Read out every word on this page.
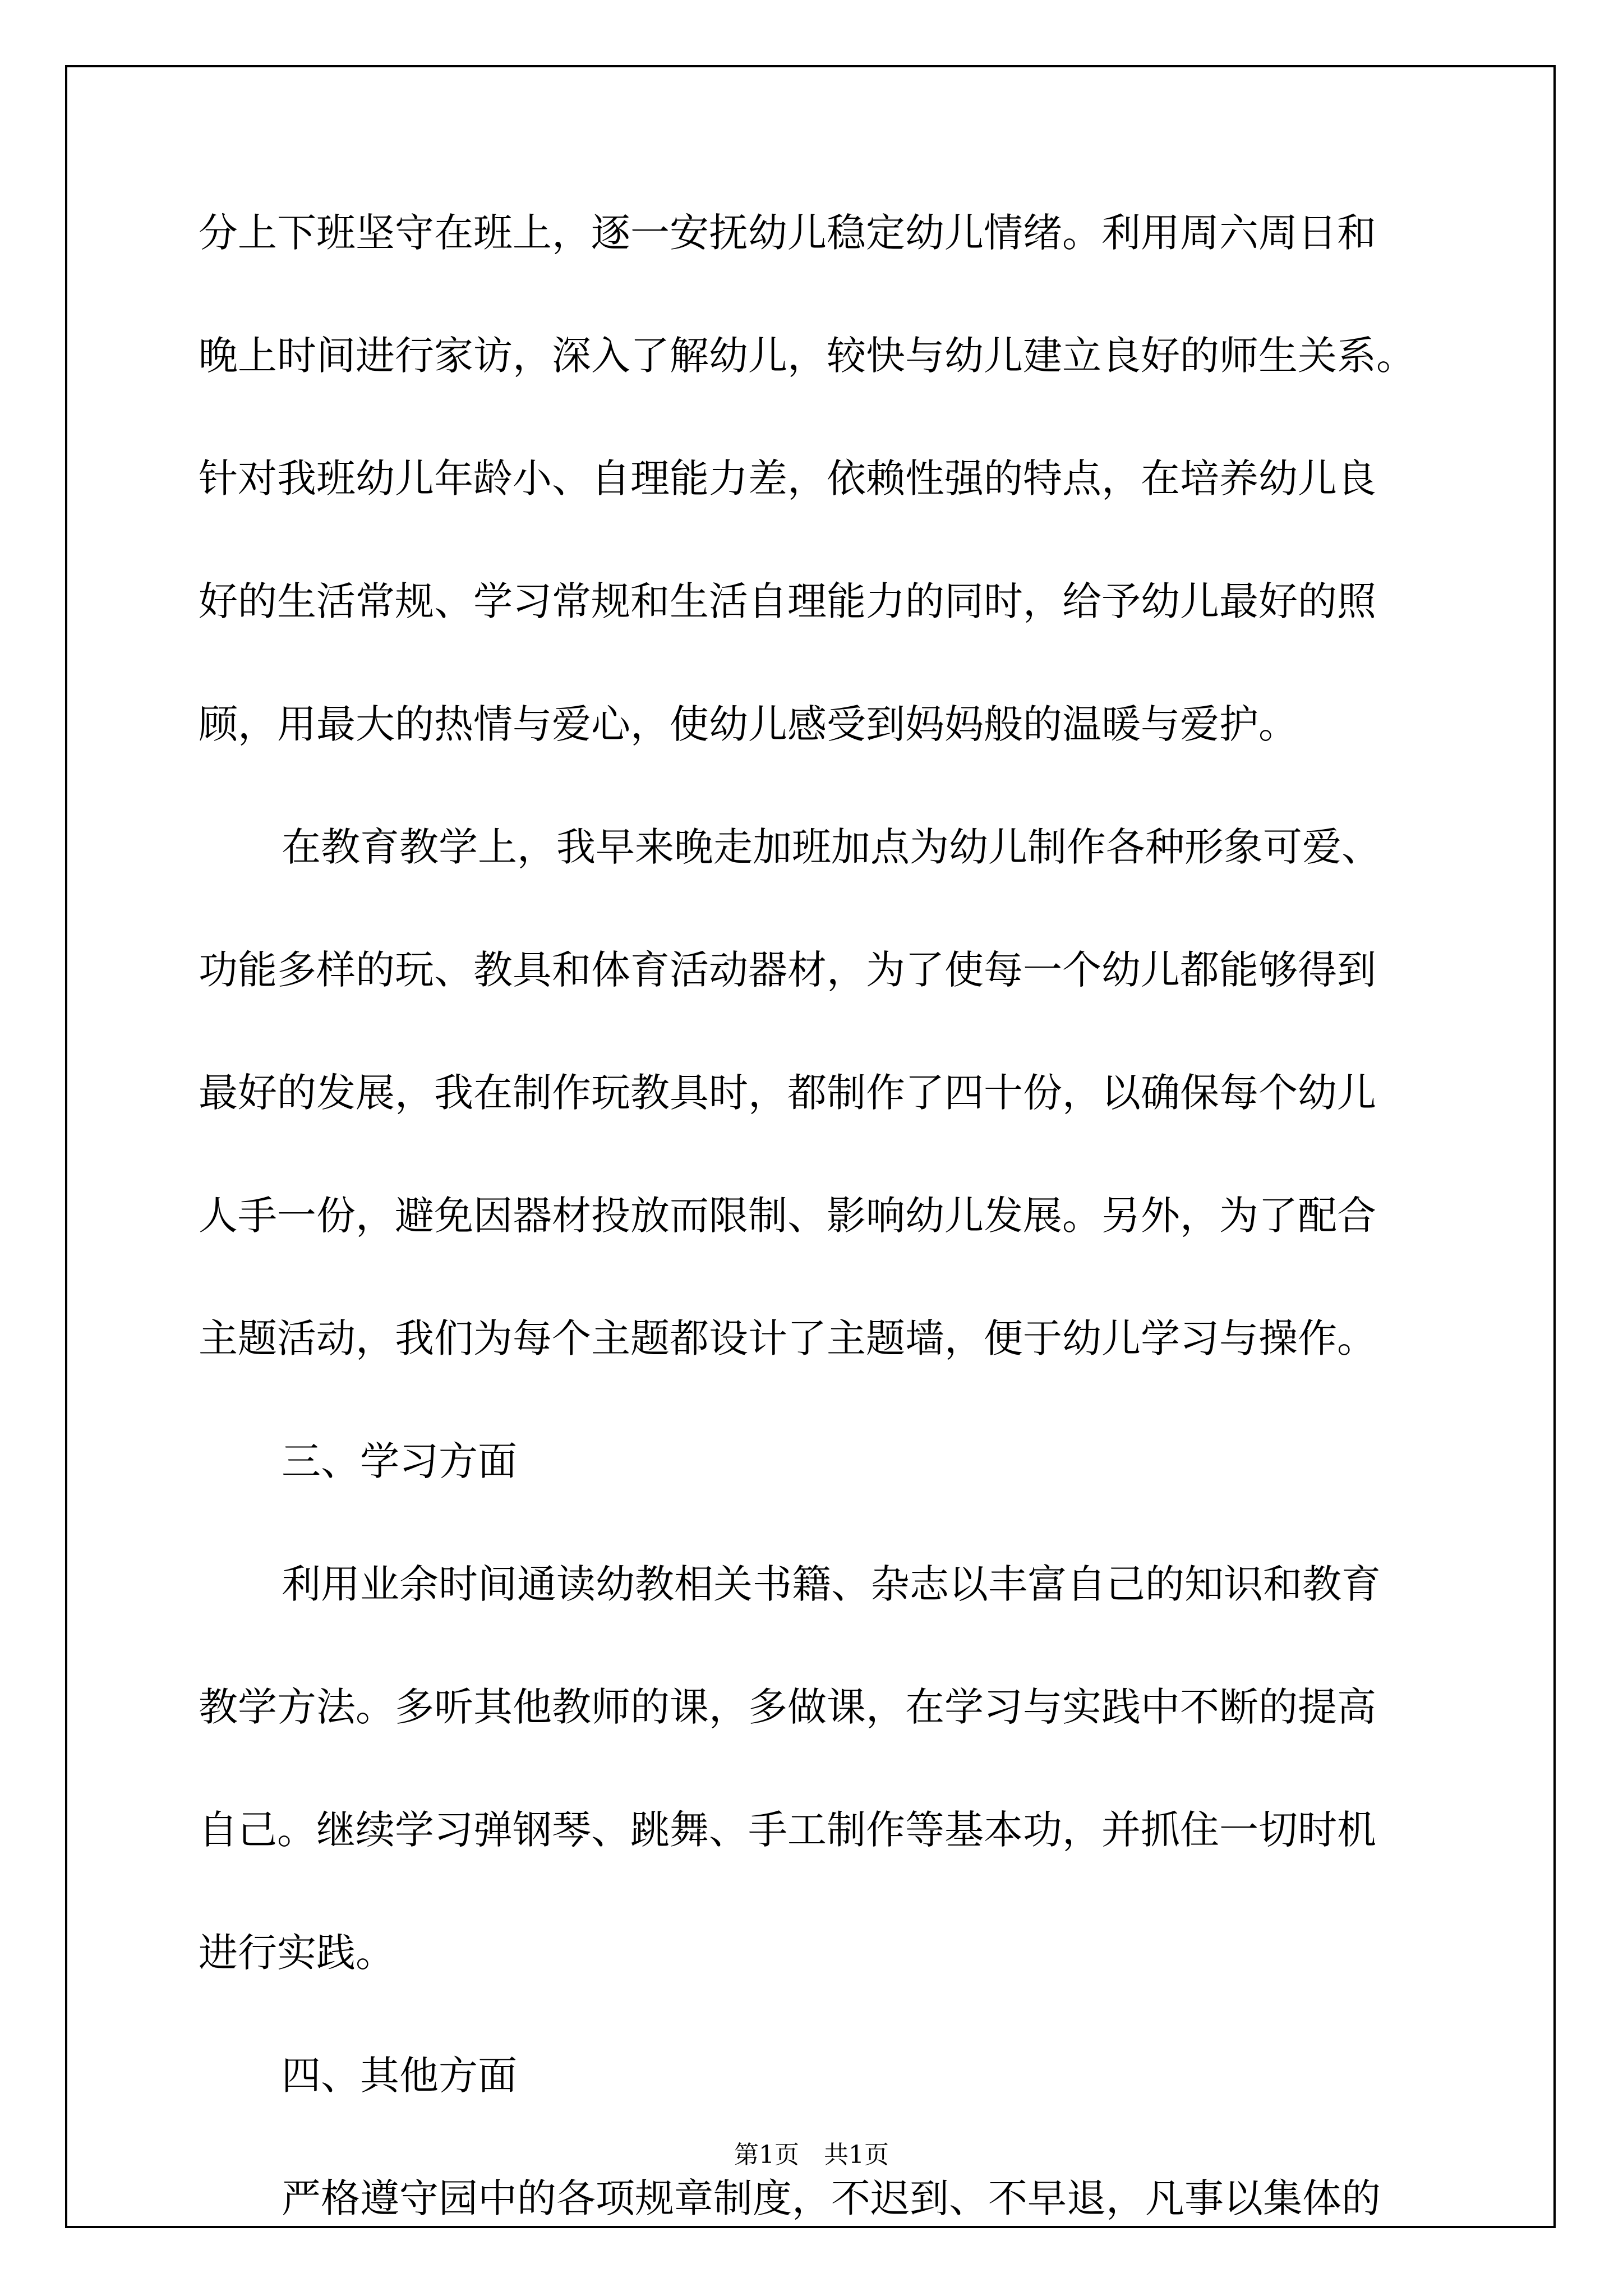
分上下班坚守在班上，逐一安抚幼儿稳定幼儿情绪。利用周六周日和
晚上时间进行家访，深入了解幼儿，较快与幼儿建立良好的师生关系。
针对我班幼儿年龄小、自理能力差，依赖性强的特点，在培养幼儿良
好的生活常规、学习常规和生活自理能力的同时，给予幼儿最好的照
顾，用最大的热情与爱心，使幼儿感受到妈妈般的温暖与爱护。
在教育教学上，我早来晚走加班加点为幼儿制作各种形象可爱、
功能多样的玩、教具和体育活动器材，为了使每一个幼儿都能够得到
最好的发展，我在制作玩教具时，都制作了四十份，以确保每个幼儿
人手一份，避免因器材投放而限制、影响幼儿发展。另外，为了配合
主题活动，我们为每个主题都设计了主题墙，便于幼儿学习与操作。
三、学习方面
利用业余时间通读幼教相关书籍、杂志以丰富自己的知识和教育
教学方法。多听其他教师的课，多做课，在学习与实践中不断的提高
自己。继续学习弹钢琴、跳舞、手工制作等基本功，并抓住一切时机
进行实践。
四、其他方面
严格遵守园中的各项规章制度，不迟到、不早退，凡事以集体的
第1页　共1页
